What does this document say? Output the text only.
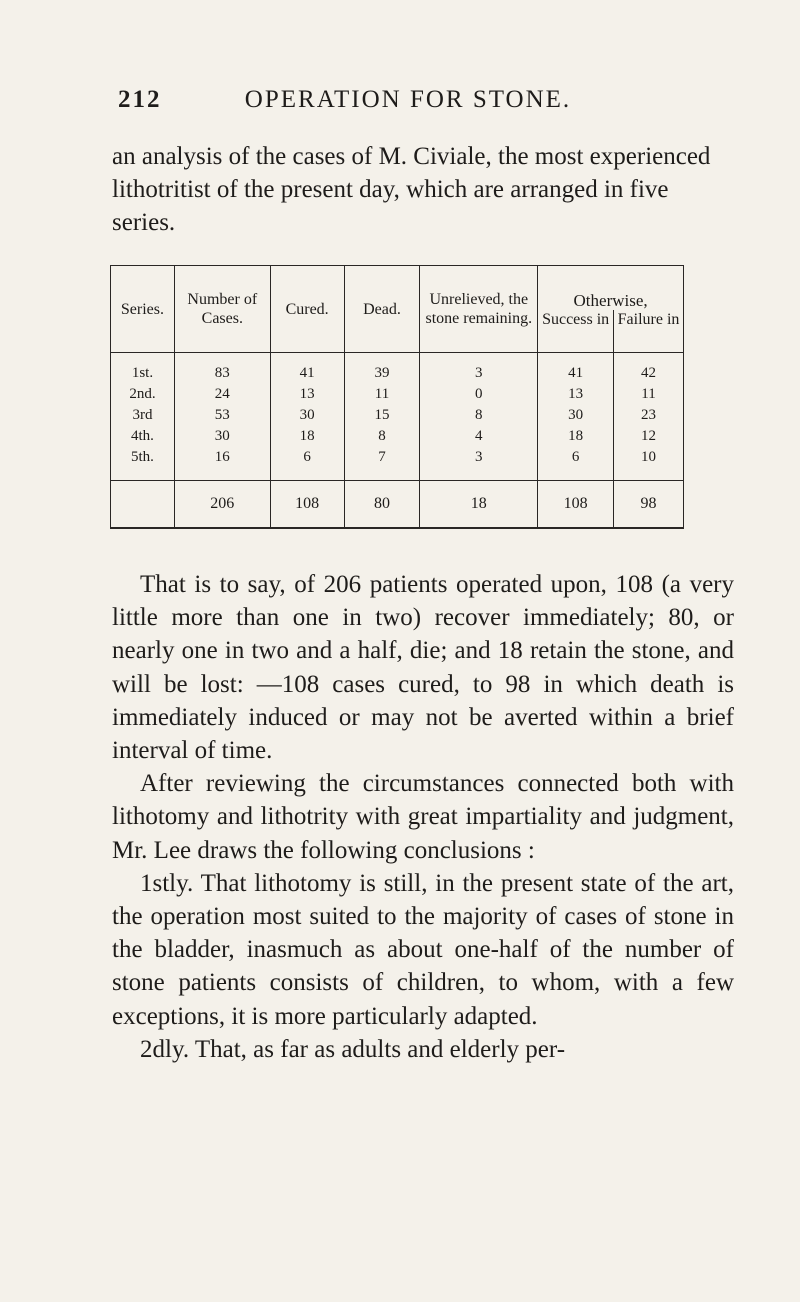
212	OPERATION FOR STONE.
an analysis of the cases of M. Civiale, the most experienced lithotritist of the present day, which are arranged in five series.
Series.	Number of Cases.	Cured.	Dead.	Unrelieved, the stone remaining.	Otherwise,	
					Success in	Failure in
1st.	83	41	39	3	41	42
2nd.	24	13	11	0	13	11
3rd	53	30	15	8	30	23
4th.	30	18	8	4	18	12
5th.	16	6	7	3	6	10
	206	108	80	18	108	98

That is to say, of 206 patients operated upon, 108 (a very little more than one in two) recover immediately; 80, or nearly one in two and a half, die; and 18 retain the stone, and will be lost: —108 cases cured, to 98 in which death is immediately induced or may not be averted within a brief interval of time.

After reviewing the circumstances connected both with lithotomy and lithotrity with great impartiality and judgment, Mr. Lee draws the following conclusions :

1stly. That lithotomy is still, in the present state of the art, the operation most suited to the majority of cases of stone in the bladder, inasmuch as about one-half of the number of stone patients consists of children, to whom, with a few exceptions, it is more particularly adapted.

2dly. That, as far as adults and elderly per-
